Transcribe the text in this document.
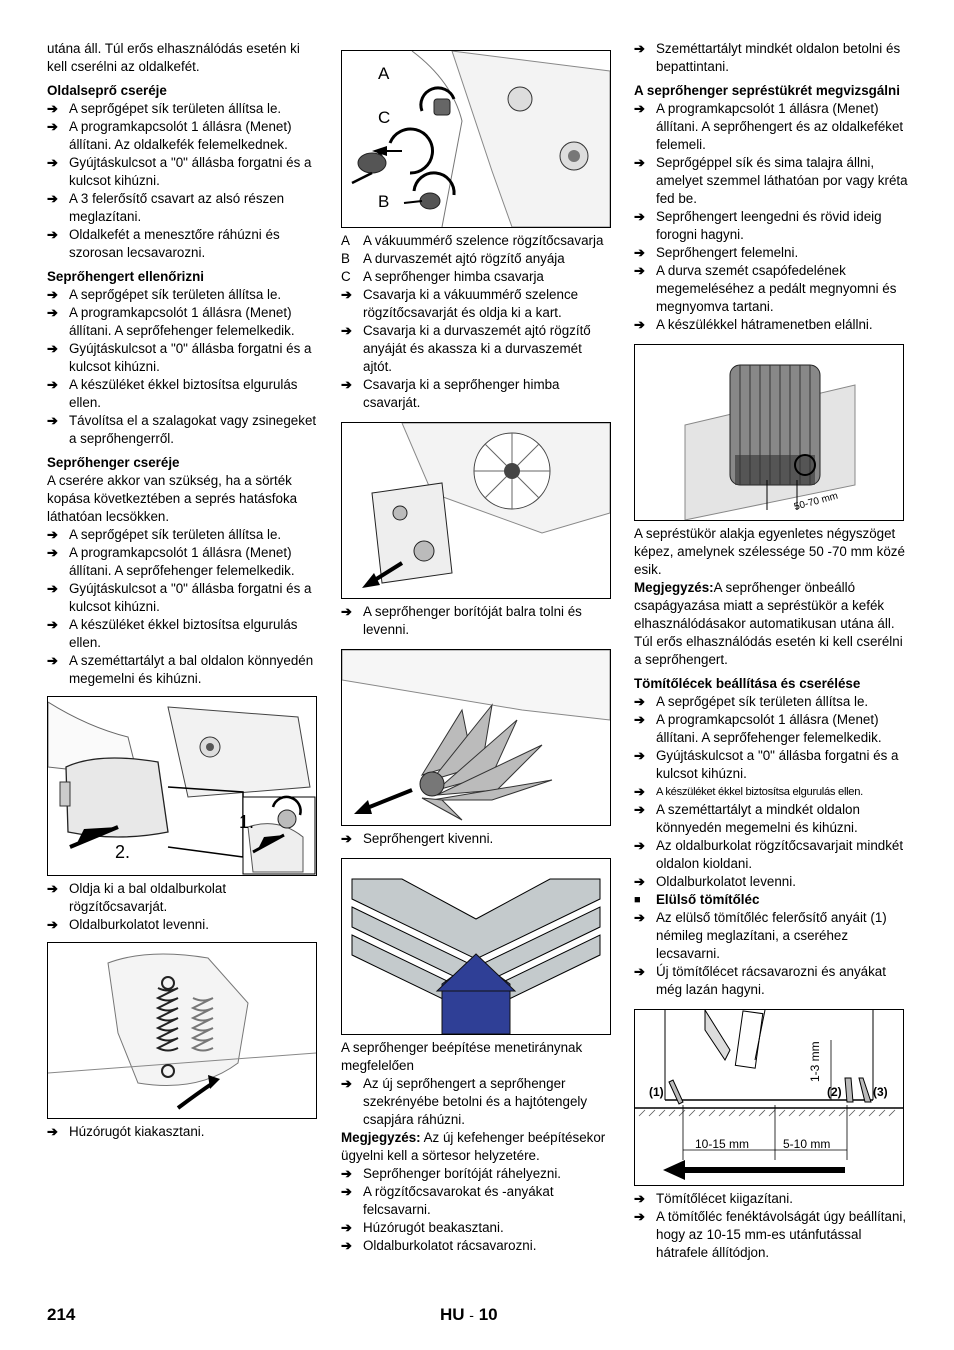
utána áll. Túl erős elhasználódás esetén ki kell cserélni az oldalkefét.

Oldalseprő cseréje
➔ A seprőgépet sík területen állítsa le.
➔ A programkapcsolót 1 állásra (Menet) állítani. Az oldalkefék felemelkednek.
➔ Gyújtáskulcsot a "0" állásba forgatni és a kulcsot kihúzni.
➔ A 3 felerősítő csavart az alsó részen meglazítani.
➔ Oldalkefét a menesztőre ráhúzni és szorosan lecsavarozni.
Seprőhengert ellenőrizni
➔ A seprőgépet sík területen állítsa le.
➔ A programkapcsolót 1 állásra (Menet) állítani. A seprőfehenger felemelkedik.
➔ Gyújtáskulcsot a "0" állásba forgatni és a kulcsot kihúzni.
➔ A készüléket ékkel biztosítsa elgurulás ellen.
➔ Távolítsa el a szalagokat vagy zsinegeket a seprőhengerről.
Seprőhenger cseréje

A cserére akkor van szükség, ha a sörték kopása következtében a seprés hatásfoka láthatóan lecsökken.

➔ A seprőgépet sík területen állítsa le.
➔ A programkapcsolót 1 állásra (Menet) állítani. A seprőfehenger felemelkedik.
➔ Gyújtáskulcsot a "0" állásba forgatni és a kulcsot kihúzni.
➔ A készüléket ékkel biztosítsa elgurulás ellen.
➔ A szeméttartályt a bal oldalon könnyedén megemelni és kihúzni.
1.
2.
➔ Oldja ki a bal oldalburkolat rögzítőcsavarját.
➔ Oldalburkolatot levenni.
➔ Húzórugót kiakasztani.
A
C
B
A A vákuummérő szelence rögzítőcsavarja
B A durvaszemét ajtó rögzítő anyája
C A seprőhenger himba csavarja
➔ Csavarja ki a vákuummérő szelence rögzítőcsavarját és oldja ki a kart.
➔ Csavarja ki a durvaszemét ajtó rögzítő anyáját és akassza ki a durvaszemét ajtót.
➔ Csavarja ki a seprőhenger himba csavarját.
➔ A seprőhenger borítóját balra tolni és levenni.
➔ Seprőhengert kivenni.

A seprőhenger beépítése menetiránynak megfelelően

➔ Az új seprőhengert a seprőhenger szekrényébe betolni és a hajtótengely csapjára ráhúzni.

Megjegyzés: Az új kefehenger beépítésekor ügyelni kell a sörtesor helyzetére.

➔ Seprőhenger borítóját ráhelyezni.
➔ A rögzítőcsavarokat és -anyákat felcsavarni.
➔ Húzórugót beakasztani.
➔ Oldalburkolatot rácsavarozni.
➔ Szeméttartályt mindkét oldalon betolni és bepattintani.
A seprőhenger sepréstükrét megvizsgálni
➔ A programkapcsolót 1 állásra (Menet) állítani. A seprőhengert és az oldalkeféket felemeli.
➔ Seprőgéppel sík és sima talajra állni, amelyet szemmel láthatóan por vagy kréta fed be.
➔ Seprőhengert leengedni és rövid ideig forogni hagyni.
➔ Seprőhengert felemelni.
➔ A durva szemét csapófedelének megemeléséhez a pedált megnyomni és megnyomva tartani.
➔ A készülékkel hátramenetben elállni.
50-70 mm

A sepréstükör alakja egyenletes négyszöget képez, amelynek szélessége 50 -70 mm közé esik.

Megjegyzés:A seprőhenger önbeálló csapágyazása miatt a sepréstükör a kefék elhasználódásakor automatikusan utána áll. Túl erős elhasználódás esetén ki kell cserélni a seprőhengert.

Tömítőlécek beállítása és cserélése
➔ A seprőgépet sík területen állítsa le.
➔ A programkapcsolót 1 állásra (Menet) állítani. A seprőfehenger felemelkedik.
➔ Gyújtáskulcsot a "0" állásba forgatni és a kulcsot kihúzni.
➔ A készüléket ékkel biztosítsa elgurulás ellen.
➔ A szeméttartályt a mindkét oldalon könnyedén megemelni és kihúzni.
➔ Az oldalburkolat rögzítőcsavarjait mindkét oldalon kioldani.
➔ Oldalburkolatot levenni.
■	Elülső tömítőléc
➔ Az elülső tömítőléc felerősítő anyáit (1) némileg meglazítani, a cseréhez lecsavarni.
➔ Új tömítőlécet rácsavarozni és anyákat még lazán hagyni.
(1)	(2)	(3)
10-15 mm	5-10 mm
1-3 mm
➔ Tömítőlécet kiigazítani.
➔ A tömítőléc fenéktávolságát úgy beállítani, hogy az 10-15 mm-es utánfutással hátrafele állítódjon.
214	HU - 10
